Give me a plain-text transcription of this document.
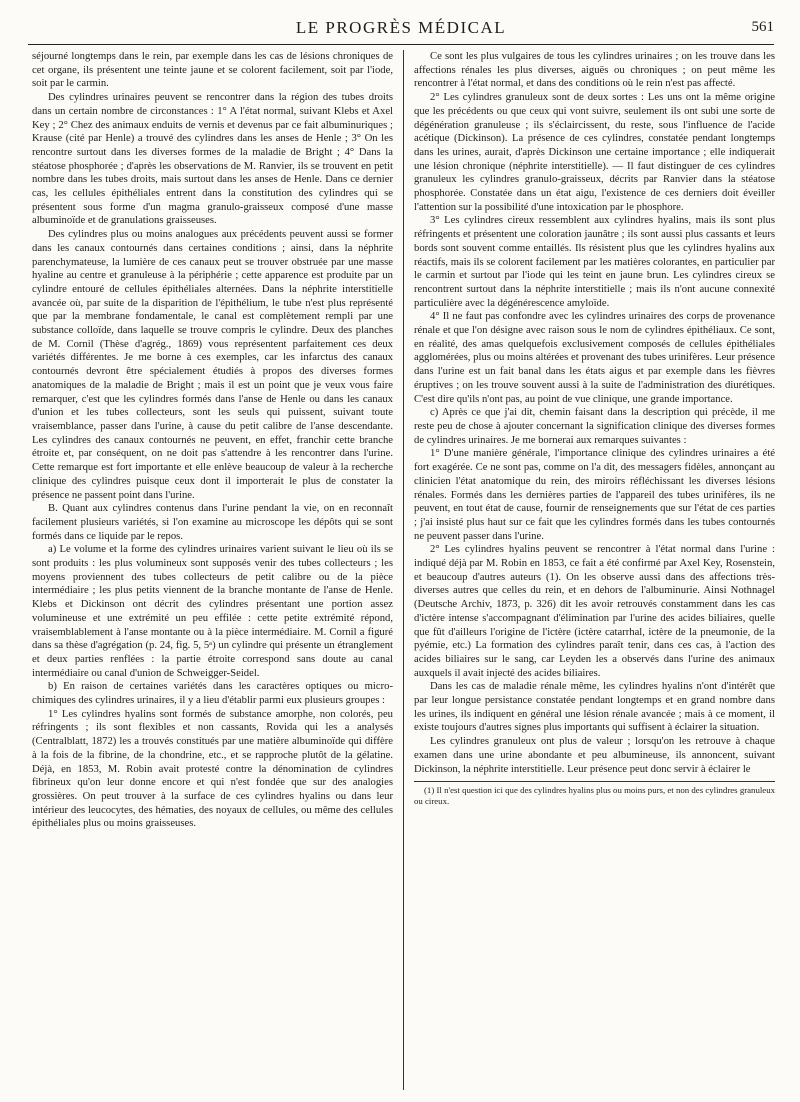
LE PROGRÈS MÉDICAL	561

séjourné longtemps dans le rein, par exemple dans les cas de lésions chroniques de cet organe, ils présentent une teinte jaune et se colorent facilement, soit par l'iode, soit par le carmin.

Des cylindres urinaires peuvent se rencontrer dans la région des tubes droits dans un certain nombre de circonstances : 1° A l'état normal, suivant Klebs et Axel Key ; 2° Chez des animaux enduits de vernis et devenus par ce fait albuminuriques ; Krause (cité par Henle) a trouvé des cylindres dans les anses de Henle ; 3° On les rencontre surtout dans les diverses formes de la maladie de Bright ; 4° Dans la stéatose phosphorée ; d'après les observations de M. Ranvier, ils se trouvent en petit nombre dans les tubes droits, mais surtout dans les anses de Henle. Dans ce dernier cas, les cellules épithéliales entrent dans la constitution des cylindres qui se présentent sous forme d'un magma granulo-graisseux composé d'une masse albuminoïde et de granulations graisseuses.

Des cylindres plus ou moins analogues aux précédents peuvent aussi se former dans les canaux contournés dans certaines conditions ; ainsi, dans la néphrite parenchymateuse, la lumière de ces canaux peut se trouver obstruée par une masse hyaline au centre et granuleuse à la périphérie ; cette apparence est produite par un cylindre entouré de cellules épithéliales alternées. Dans la néphrite interstitielle avancée où, par suite de la disparition de l'épithélium, le tube n'est plus représenté que par la membrane fondamentale, le canal est complètement rempli par une substance colloïde, dans laquelle se trouve compris le cylindre. Deux des planches de M. Cornil (Thèse d'agrég., 1869) vous représentent parfaitement ces deux variétés différentes. Je me borne à ces exemples, car les infarctus des canaux contournés devront être spécialement étudiés à propos des diverses formes anatomiques de la maladie de Bright ; mais il est un point que je veux vous faire remarquer, c'est que les cylindres formés dans l'anse de Henle ou dans les canaux d'union et les tubes collecteurs, sont les seuls qui puissent, suivant toute vraisemblance, passer dans l'urine, à cause du petit calibre de l'anse descendante. Les cylindres des canaux contournés ne peuvent, en effet, franchir cette branche étroite et, par conséquent, on ne doit pas s'attendre à les rencontrer dans l'urine. Cette remarque est fort importante et elle enlève beaucoup de valeur à la recherche clinique des cylindres puisque ceux dont il importerait le plus de constater la présence ne passent point dans l'urine.

B. Quant aux cylindres contenus dans l'urine pendant la vie, on en reconnaît facilement plusieurs variétés, si l'on examine au microscope les dépôts qui se sont formés dans ce liquide par le repos.

a) Le volume et la forme des cylindres urinaires varient suivant le lieu où ils se sont produits : les plus volumineux sont supposés venir des tubes collecteurs ; les moyens proviennent des tubes collecteurs de petit calibre ou de la pièce intermédiaire ; les plus petits viennent de la branche montante de l'anse de Henle. Klebs et Dickinson ont décrit des cylindres présentant une portion assez volumineuse et une extrémité un peu effilée : cette petite extrémité répond, vraisemblablement à l'anse montante ou à la pièce intermédiaire. M. Cornil a figuré dans sa thèse d'agrégation (p. 24, fig. 5, 5ᵃ) un cylindre qui présente un étranglement et deux parties renflées : la partie étroite correspond sans doute au canal intermédiaire ou canal d'union de Schweigger-Seidel.

b) En raison de certaines variétés dans les caractères optiques ou micro-chimiques des cylindres urinaires, il y a lieu d'établir parmi eux plusieurs groupes :

1° Les cylindres hyalins sont formés de substance amorphe, non colorés, peu réfringents ; ils sont flexibles et non cassants, Rovida qui les a analysés (Centralblatt, 1872) les a trouvés constitués par une matière albuminoïde qui diffère à la fois de la fibrine, de la chondrine, etc., et se rapproche plutôt de la gélatine. Déjà, en 1853, M. Robin avait protesté contre la dénomination de cylindres fibrineux qu'on leur donne encore et qui n'est fondée que sur des analogies grossières. On peut trouver à la surface de ces cylindres hyalins ou dans leur intérieur des leucocytes, des hématies, des noyaux de cellules, ou même des cellules épithéliales plus ou moins graisseuses.

Ce sont les plus vulgaires de tous les cylindres urinaires ; on les trouve dans les affections rénales les plus diverses, aiguës ou chroniques ; on peut même les rencontrer à l'état normal, et dans des conditions où le rein n'est pas affecté.

2° Les cylindres granuleux sont de deux sortes : Les uns ont la même origine que les précédents ou que ceux qui vont suivre, seulement ils ont subi une sorte de dégénération granuleuse ; ils s'éclaircissent, du reste, sous l'influence de l'acide acétique (Dickinson). La présence de ces cylindres, constatée pendant longtemps dans les urines, aurait, d'après Dickinson une certaine importance ; elle indiquerait une lésion chronique (néphrite interstitielle). — Il faut distinguer de ces cylindres granuleux les cylindres granulo-graisseux, décrits par Ranvier dans la stéatose phosphorée. Constatée dans un état aigu, l'existence de ces derniers doit éveiller l'attention sur la possibilité d'une intoxication par le phosphore.

3° Les cylindres cireux ressemblent aux cylindres hyalins, mais ils sont plus réfringents et présentent une coloration jaunâtre ; ils sont aussi plus cassants et leurs bords sont souvent comme entaillés. Ils résistent plus que les cylindres hyalins aux réactifs, mais ils se colorent facilement par les matières colorantes, en particulier par le carmin et surtout par l'iode qui les teint en jaune brun. Les cylindres cireux se rencontrent surtout dans la néphrite interstitielle ; mais ils n'ont aucune connexité particulière avec la dégénérescence amyloïde.

4° Il ne faut pas confondre avec les cylindres urinaires des corps de provenance rénale et que l'on désigne avec raison sous le nom de cylindres épithéliaux. Ce sont, en réalité, des amas quelquefois exclusivement composés de cellules épithéliales agglomérées, plus ou moins altérées et provenant des tubes urinifères. Leur présence dans l'urine est un fait banal dans les états aigus et par exemple dans les fièvres éruptives ; on les trouve souvent aussi à la suite de l'administration des diurétiques. C'est dire qu'ils n'ont pas, au point de vue clinique, une grande importance.

c) Après ce que j'ai dit, chemin faisant dans la description qui précède, il me reste peu de chose à ajouter concernant la signification clinique des diverses formes de cylindres urinaires. Je me bornerai aux remarques suivantes :

1° D'une manière générale, l'importance clinique des cylindres urinaires a été fort exagérée. Ce ne sont pas, comme on l'a dit, des messagers fidèles, annonçant au clinicien l'état anatomique du rein, des miroirs réfléchissant les diverses lésions rénales. Formés dans les dernières parties de l'appareil des tubes urinifères, ils ne peuvent, en tout état de cause, fournir de renseignements que sur l'état de ces parties ; j'ai insisté plus haut sur ce fait que les cylindres formés dans les tubes contournés ne peuvent passer dans l'urine.

2° Les cylindres hyalins peuvent se rencontrer à l'état normal dans l'urine : indiqué déjà par M. Robin en 1853, ce fait a été confirmé par Axel Key, Rosenstein, et beaucoup d'autres auteurs (1). On les observe aussi dans des affections très-diverses autres que celles du rein, et en dehors de l'albuminurie. Ainsi Nothnagel (Deutsche Archiv, 1873, p. 326) dit les avoir retrouvés constamment dans les cas d'ictère intense s'accompagnant d'élimination par l'urine des acides biliaires, quelle que fût d'ailleurs l'origine de l'ictère (ictère catarrhal, ictère de la pneumonie, de la pyémie, etc.) La formation des cylindres paraît tenir, dans ces cas, à l'action des acides biliaires sur le sang, car Leyden les a observés dans l'urine des animaux auxquels il avait injecté des acides biliaires.

Dans les cas de maladie rénale même, les cylindres hyalins n'ont d'intérêt que par leur longue persistance constatée pendant longtemps et en grand nombre dans les urines, ils indiquent en général une lésion rénale avancée ; mais à ce moment, il existe toujours d'autres signes plus importants qui suffisent à éclairer la situation.

Les cylindres granuleux ont plus de valeur ; lorsqu'on les retrouve à chaque examen dans une urine abondante et peu albumineuse, ils annoncent, suivant Dickinson, la néphrite interstitielle. Leur présence peut donc servir à éclairer le

(1) Il n'est question ici que des cylindres hyalins plus ou moins purs, et non des cylindres granuleux ou cireux.
